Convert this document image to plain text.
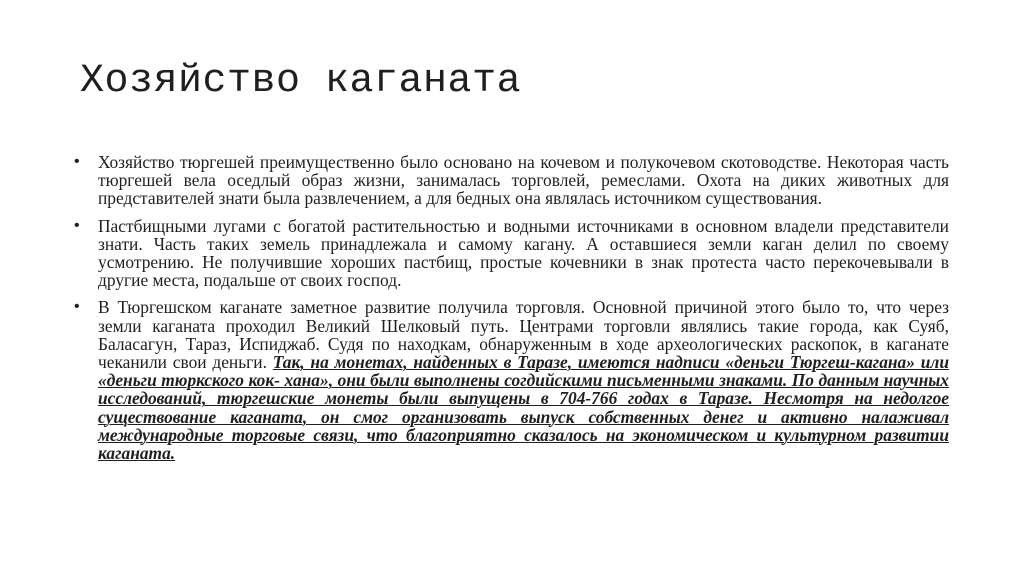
Хозяйство каганата
•	Хозяйство тюргешей преимущественно было основано на кочевом и полукочевом скотоводстве. Некоторая часть тюргешей вела оседлый образ жизни, занималась торговлей, ремеслами. Охота на диких животных для представителей знати была развлечением, а для бедных она являлась источником существования.
•	Пастбищными лугами с богатой растительностью и водными источниками в основном владели представители знати. Часть таких земель принадлежала и самому кагану. А оставшиеся земли каган делил по своему усмотрению. Не получившие хороших пастбищ, простые кочевники в знак протеста часто перекочевывали в другие места, подальше от своих господ.
•	В Тюргешском каганате заметное развитие получила торговля. Основной причиной этого было то, что через земли каганата проходил Великий Шелковый путь. Центрами торговли являлись такие города, как Суяб, Баласагун, Тараз, Испиджаб. Судя по находкам, обнаруженным в ходе археологических раскопок, в каганате чеканили свои деньги. Так, на монетах, найденных в Таразе, имеются надписи «деньги Тюргеш-кагана» или «деньги тюркского кок- хана», они были выполнены согдийскими письменными знаками. По данным научных исследований, тюргешские монеты были выпущены в 704-766 годах в Таразе. Несмотря на недолгое существование каганата, он смог организовать выпуск собственных денег и активно налаживал международные торговые связи, что благоприятно сказалось на экономическом и культурном развитии каганата.
